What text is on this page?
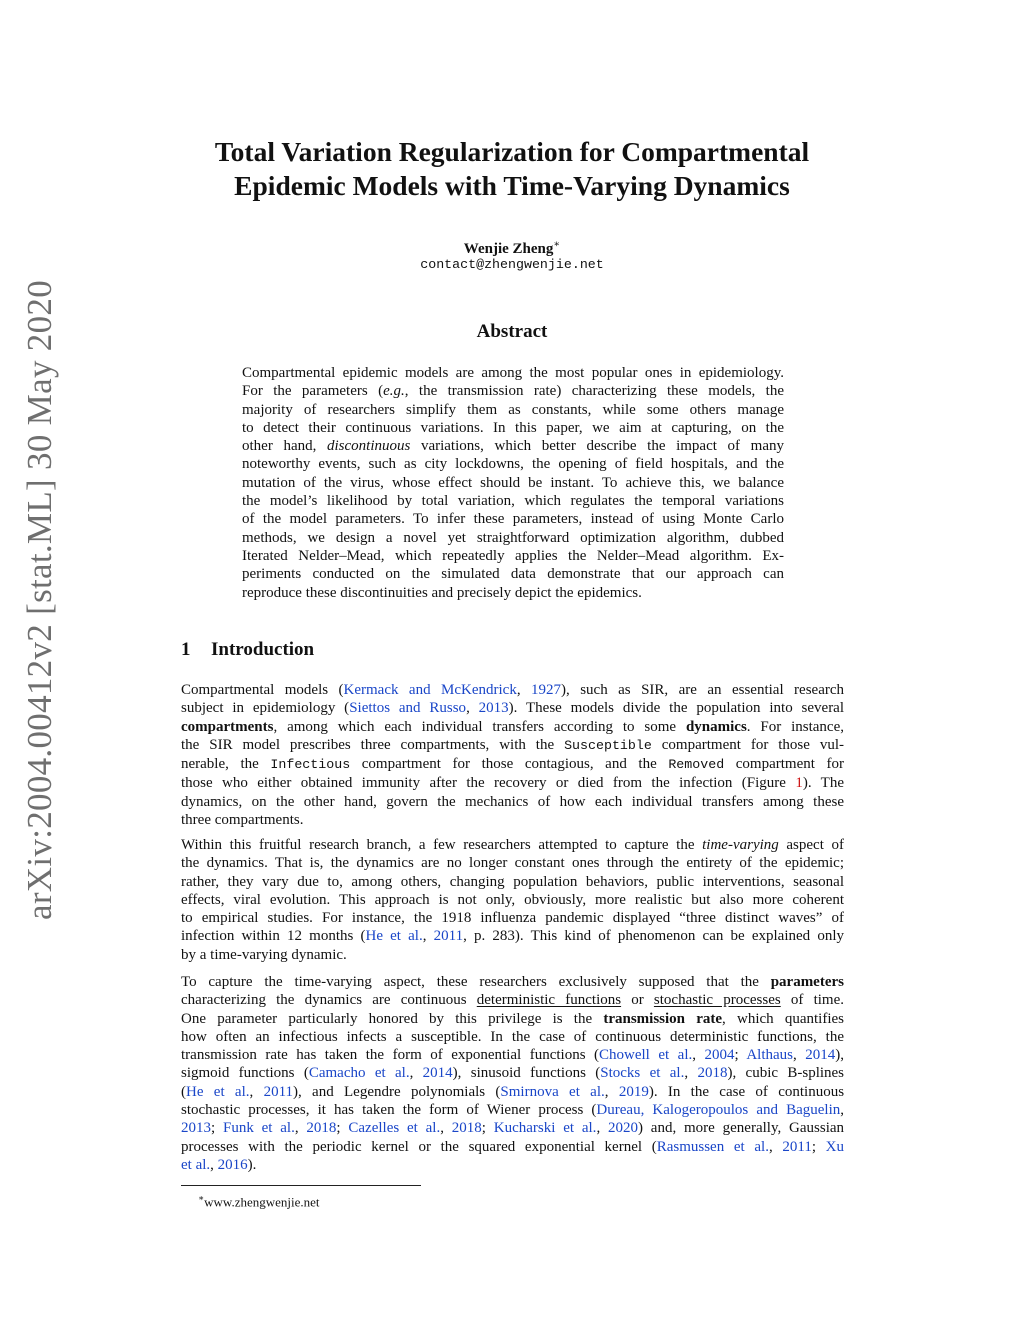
arXiv:2004.00412v2 [stat.ML] 30 May 2020
Total Variation Regularization for Compartmental
Epidemic Models with Time-Varying Dynamics
Wenjie Zheng∗
contact@zhengwenjie.net
Abstract
Compartmental epidemic models are among the most popular ones in epidemiology.
For the parameters (e.g., the transmission rate) characterizing these models, the
majority of researchers simplify them as constants, while some others manage
to detect their continuous variations. In this paper, we aim at capturing, on the
other hand, discontinuous variations, which better describe the impact of many
noteworthy events, such as city lockdowns, the opening of field hospitals, and the
mutation of the virus, whose effect should be instant. To achieve this, we balance
the model’s likelihood by total variation, which regulates the temporal variations
of the model parameters. To infer these parameters, instead of using Monte Carlo
methods, we design a novel yet straightforward optimization algorithm, dubbed
Iterated Nelder–Mead, which repeatedly applies the Nelder–Mead algorithm. Ex-
periments conducted on the simulated data demonstrate that our approach can
reproduce these discontinuities and precisely depict the epidemics.
1 Introduction
Compartmental models (Kermack and McKendrick, 1927), such as SIR, are an essential research
subject in epidemiology (Siettos and Russo, 2013). These models divide the population into several
compartments, among which each individual transfers according to some dynamics. For instance,
the SIR model prescribes three compartments, with the Susceptible compartment for those vul-
nerable, the Infectious compartment for those contagious, and the Removed compartment for
those who either obtained immunity after the recovery or died from the infection (Figure 1). The
dynamics, on the other hand, govern the mechanics of how each individual transfers among these
three compartments.
Within this fruitful research branch, a few researchers attempted to capture the time-varying aspect of
the dynamics. That is, the dynamics are no longer constant ones through the entirety of the epidemic;
rather, they vary due to, among others, changing population behaviors, public interventions, seasonal
effects, viral evolution. This approach is not only, obviously, more realistic but also more coherent
to empirical studies. For instance, the 1918 influenza pandemic displayed “three distinct waves” of
infection within 12 months (He et al., 2011, p. 283). This kind of phenomenon can be explained only
by a time-varying dynamic.
To capture the time-varying aspect, these researchers exclusively supposed that the parameters
characterizing the dynamics are continuous deterministic functions or stochastic processes of time.
One parameter particularly honored by this privilege is the transmission rate, which quantifies
how often an infectious infects a susceptible. In the case of continuous deterministic functions, the
transmission rate has taken the form of exponential functions (Chowell et al., 2004; Althaus, 2014),
sigmoid functions (Camacho et al., 2014), sinusoid functions (Stocks et al., 2018), cubic B-splines
(He et al., 2011), and Legendre polynomials (Smirnova et al., 2019). In the case of continuous
stochastic processes, it has taken the form of Wiener process (Dureau, Kalogeropoulos and Baguelin,
2013; Funk et al., 2018; Cazelles et al., 2018; Kucharski et al., 2020) and, more generally, Gaussian
processes with the periodic kernel or the squared exponential kernel (Rasmussen et al., 2011; Xu
et al., 2016).
∗www.zhengwenjie.net
